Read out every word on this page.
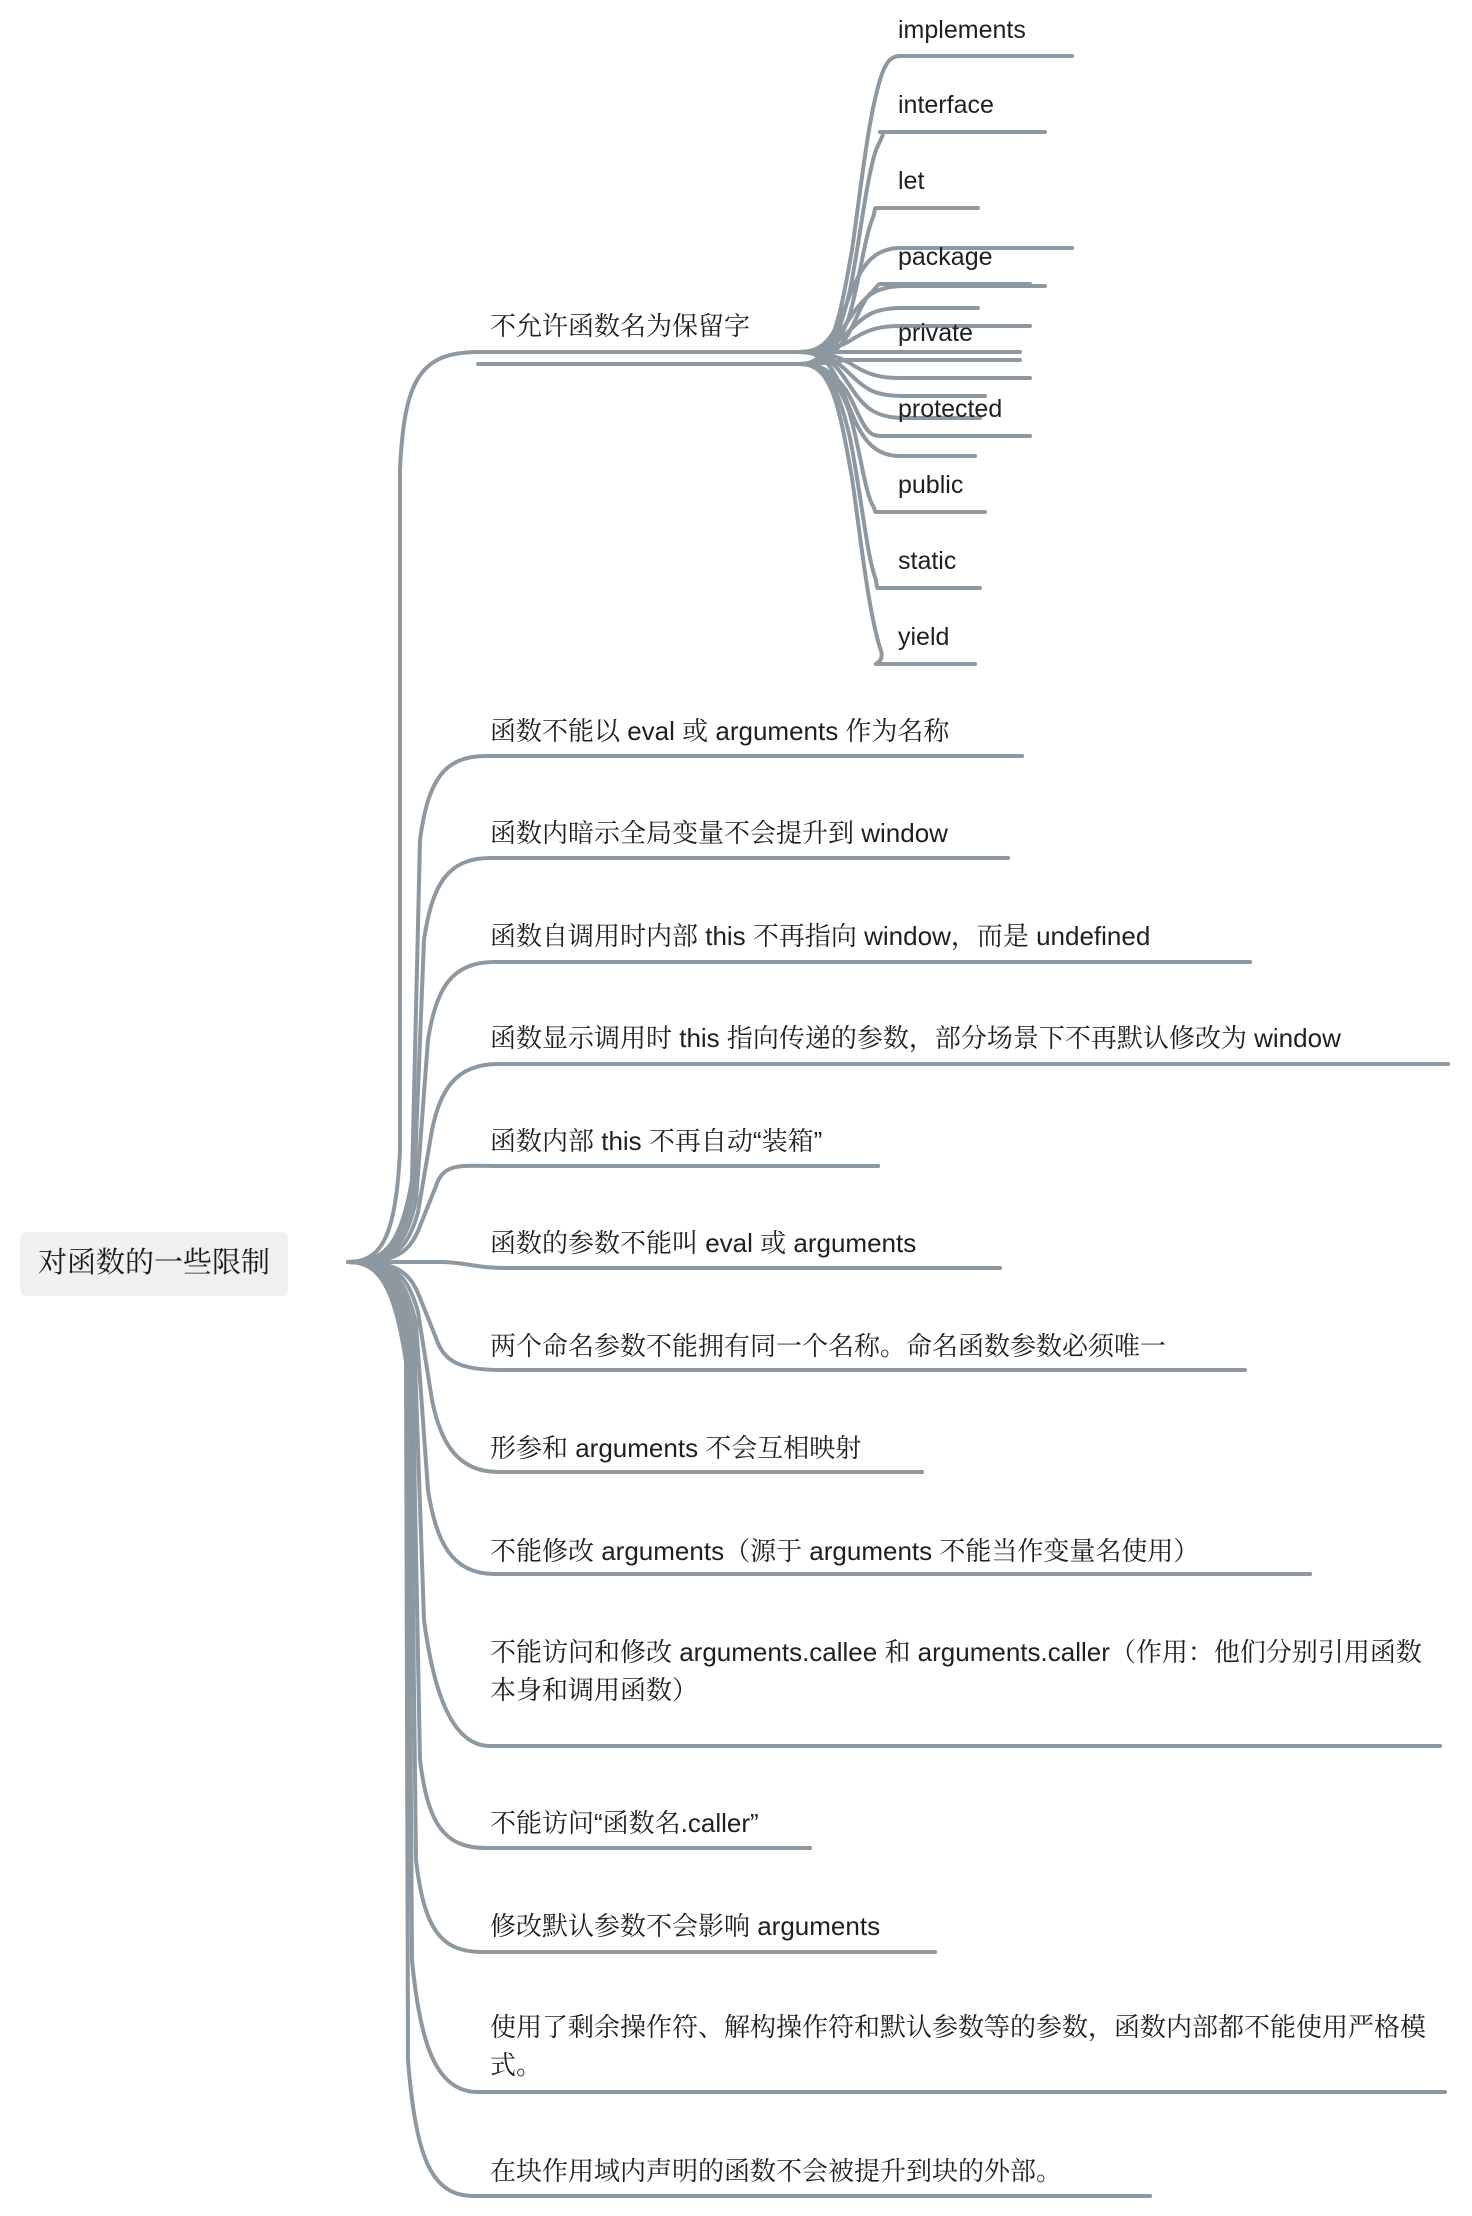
对函数的一些限制
不允许函数名为保留字
implements
interface
let
package
private
protected
public
static
yield
函数不能以 eval 或 arguments 作为名称
函数内暗示全局变量不会提升到 window
函数自调用时内部 this 不再指向 window，而是 undefined
函数显示调用时 this 指向传递的参数，部分场景下不再默认修改为 window
函数内部 this 不再自动“装箱”
函数的参数不能叫 eval 或 arguments
两个命名参数不能拥有同一个名称。命名函数参数必须唯一
形参和 arguments 不会互相映射
不能修改 arguments（源于 arguments 不能当作变量名使用）
不能访问和修改 arguments.callee 和 arguments.caller（作用：他们分别引用函数本身和调用函数）
不能访问“函数名.caller”
修改默认参数不会影响 arguments
使用了剩余操作符、解构操作符和默认参数等的参数，函数内部都不能使用严格模式。
在块作用域内声明的函数不会被提升到块的外部。
